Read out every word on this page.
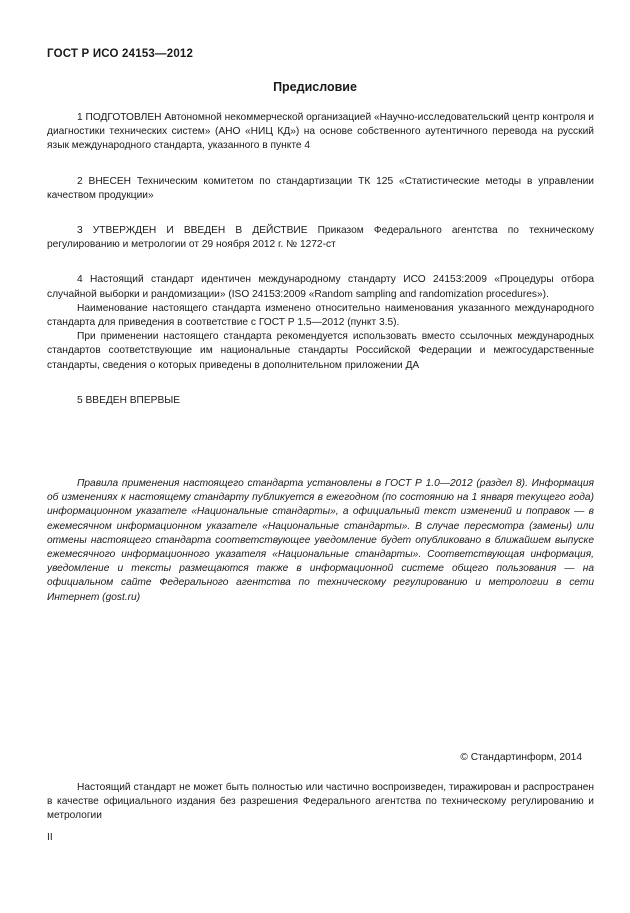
ГОСТ Р ИСО 24153—2012
Предисловие

1 ПОДГОТОВЛЕН Автономной некоммерческой организацией «Научно-исследовательский центр контроля и диагностики технических систем» (АНО «НИЦ КД») на основе собственного аутентичного перевода на русский язык международного стандарта, указанного в пункте 4

2 ВНЕСЕН Техническим комитетом по стандартизации ТК 125 «Статистические методы в управлении качеством продукции»

3 УТВЕРЖДЕН И ВВЕДЕН В ДЕЙСТВИЕ Приказом Федерального агентства по техническому регулированию и метрологии от 29 ноября 2012 г. № 1272-ст

4 Настоящий стандарт идентичен международному стандарту ИСО 24153:2009 «Процедуры отбора случайной выборки и рандомизации» (ISO 24153:2009 «Random sampling and randomization procedures»).

Наименование настоящего стандарта изменено относительно наименования указанного международного стандарта для приведения в соответствие с ГОСТ Р 1.5—2012 (пункт 3.5).

При применении настоящего стандарта рекомендуется использовать вместо ссылочных международных стандартов соответствующие им национальные стандарты Российской Федерации и межгосударственные стандарты, сведения о которых приведены в дополнительном приложении ДА

5 ВВЕДЕН ВПЕРВЫЕ

Правила применения настоящего стандарта установлены в ГОСТ Р 1.0—2012 (раздел 8). Информация об изменениях к настоящему стандарту публикуется в ежегодном (по состоянию на 1 января текущего года) информационном указателе «Национальные стандарты», а официальный текст изменений и поправок — в ежемесячном информационном указателе «Национальные стандарты». В случае пересмотра (замены) или отмены настоящего стандарта соответствующее уведомление будет опубликовано в ближайшем выпуске ежемесячного информационного указателя «Национальные стандарты». Соответствующая информация, уведомление и тексты размещаются также в информационной системе общего пользования — на официальном сайте Федерального агентства по техническому регулированию и метрологии в сети Интернет (gost.ru)

© Стандартинформ, 2014

Настоящий стандарт не может быть полностью или частично воспроизведен, тиражирован и распространен в качестве официального издания без разрешения Федерального агентства по техническому регулированию и метрологии

II
